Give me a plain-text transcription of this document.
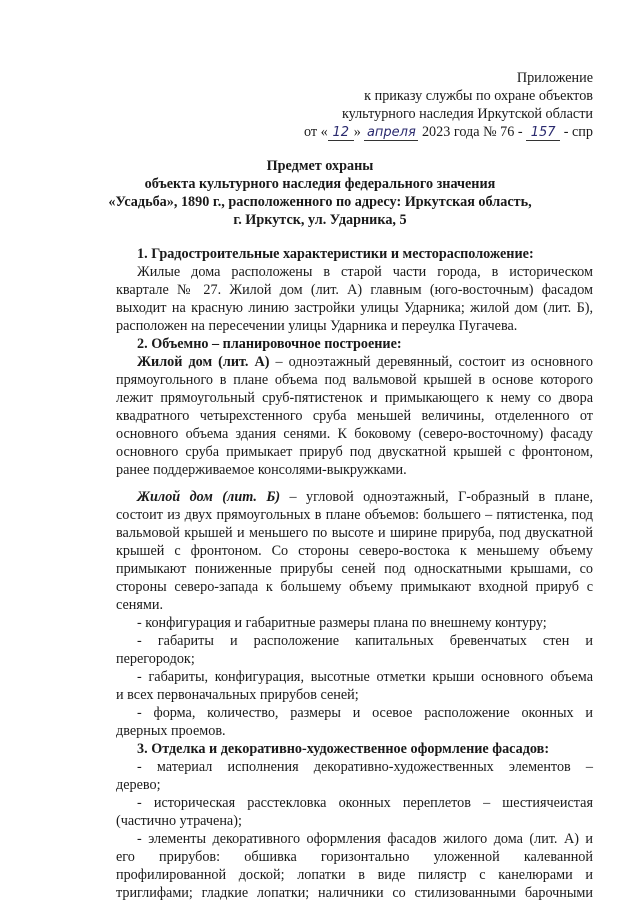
Приложение
к приказу службы по охране объектов
культурного наследия Иркутской области
от « 12 » апреля 2023 года № 76 - 157 - спр
Предмет охраны
объекта культурного наследия федерального значения
«Усадьба», 1890 г., расположенного по адресу: Иркутская область,
г. Иркутск, ул. Ударника, 5
1. Градостроительные характеристики и месторасположение:
Жилые дома расположены в старой части города, в историческом
квартале № 27. Жилой дом (лит. А) главным (юго-восточным) фасадом
выходит на красную линию застройки улицы Ударника; жилой дом (лит. Б),
расположен на пересечении улицы Ударника и переулка Пугачева.
2. Объемно – планировочное построение:
Жилой дом (лит. А) – одноэтажный деревянный, состоит из основного
прямоугольного в плане объема под вальмовой крышей в основе которого
лежит прямоугольный сруб-пятистенок и примыкающего к нему со двора
квадратного четырехстенного сруба меньшей величины, отделенного от
основного объема здания сенями. К боковому (северо-восточному) фасаду
основного сруба примыкает прируб под двускатной крышей с фронтоном,
ранее поддерживаемое консолями-выкружками.
Жилой дом (лит. Б) – угловой одноэтажный, Г-образный в плане,
состоит из двух прямоугольных в плане объемов: большего – пятистенка, под
вальмовой крышей и меньшего по высоте и ширине прируба, под двускатной
крышей с фронтоном. Со стороны северо-востока к меньшему объему
примыкают пониженные прирубы сеней под односкатными крышами, со
стороны северо-запада к большему объему примыкают входной прируб с
сенями.
- конфигурация и габаритные размеры плана по внешнему контуру;
- габариты и расположение капитальных бревенчатых стен и
перегородок;
- габариты, конфигурация, высотные отметки крыши основного объема
и всех первоначальных прирубов сеней;
- форма, количество, размеры и осевое расположение оконных и
дверных проемов.
3. Отделка и декоративно-художественное оформление фасадов:
- материал исполнения декоративно-художественных элементов –
дерево;
- историческая расстекловка оконных переплетов – шестиячеистая
(частично утрачена);
- элементы декоративного оформления фасадов жилого дома (лит. А) и
его прирубов: обшивка горизонтально уложенной калеванной
профилированной доской; лопатки в виде пилястр с канелюрами и
триглифами; гладкие лопатки; наличники со стилизованными барочными
